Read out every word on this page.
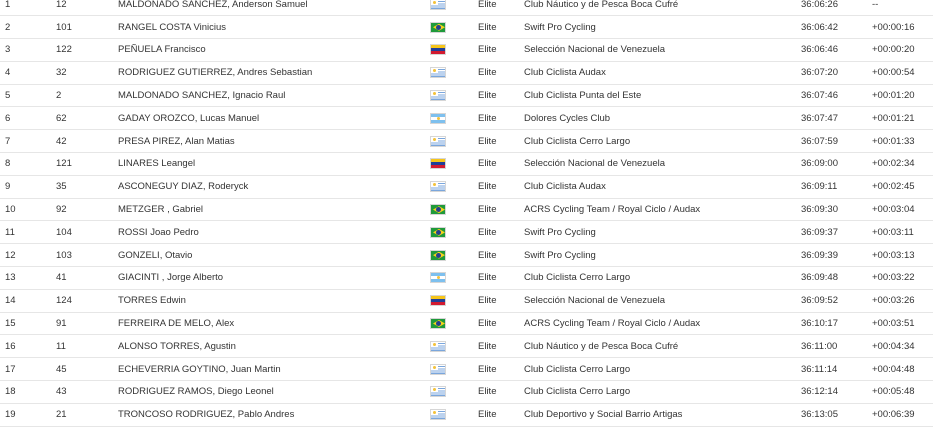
1	12	MALDONADO SANCHEZ, Anderson Samuel		Elite	Club Náutico y de Pesca Boca Cufré	36:06:26	--
2	101	RANGEL COSTA Vinicius		Elite	Swift Pro Cycling	36:06:42	+00:00:16
3	122	PEÑUELA Francisco		Elite	Selección Nacional de Venezuela	36:06:46	+00:00:20
4	32	RODRIGUEZ GUTIERREZ, Andres Sebastian		Elite	Club Ciclista Audax	36:07:20	+00:00:54
5	2	MALDONADO SANCHEZ, Ignacio Raul		Elite	Club Ciclista Punta del Este	36:07:46	+00:01:20
6	62	GADAY OROZCO, Lucas Manuel		Elite	Dolores Cycles Club	36:07:47	+00:01:21
7	42	PRESA PIREZ, Alan Matias		Elite	Club Ciclista Cerro Largo	36:07:59	+00:01:33
8	121	LINARES Leangel		Elite	Selección Nacional de Venezuela	36:09:00	+00:02:34
9	35	ASCONEGUY DIAZ, Roderyck		Elite	Club Ciclista Audax	36:09:11	+00:02:45
10	92	METZGER , Gabriel		Elite	ACRS Cycling Team / Royal Ciclo / Audax	36:09:30	+00:03:04
11	104	ROSSI Joao Pedro		Elite	Swift Pro Cycling	36:09:37	+00:03:11
12	103	GONZELI, Otavio		Elite	Swift Pro Cycling	36:09:39	+00:03:13
13	41	GIACINTI , Jorge Alberto		Elite	Club Ciclista Cerro Largo	36:09:48	+00:03:22
14	124	TORRES Edwin		Elite	Selección Nacional de Venezuela	36:09:52	+00:03:26
15	91	FERREIRA DE MELO, Alex		Elite	ACRS Cycling Team / Royal Ciclo / Audax	36:10:17	+00:03:51
16	11	ALONSO TORRES, Agustin		Elite	Club Náutico y de Pesca Boca Cufré	36:11:00	+00:04:34
17	45	ECHEVERRIA GOYTINO, Juan Martin		Elite	Club Ciclista Cerro Largo	36:11:14	+00:04:48
18	43	RODRIGUEZ RAMOS, Diego Leonel		Elite	Club Ciclista Cerro Largo	36:12:14	+00:05:48
19	21	TRONCOSO RODRIGUEZ, Pablo Andres		Elite	Club Deportivo y Social Barrio Artigas	36:13:05	+00:06:39
